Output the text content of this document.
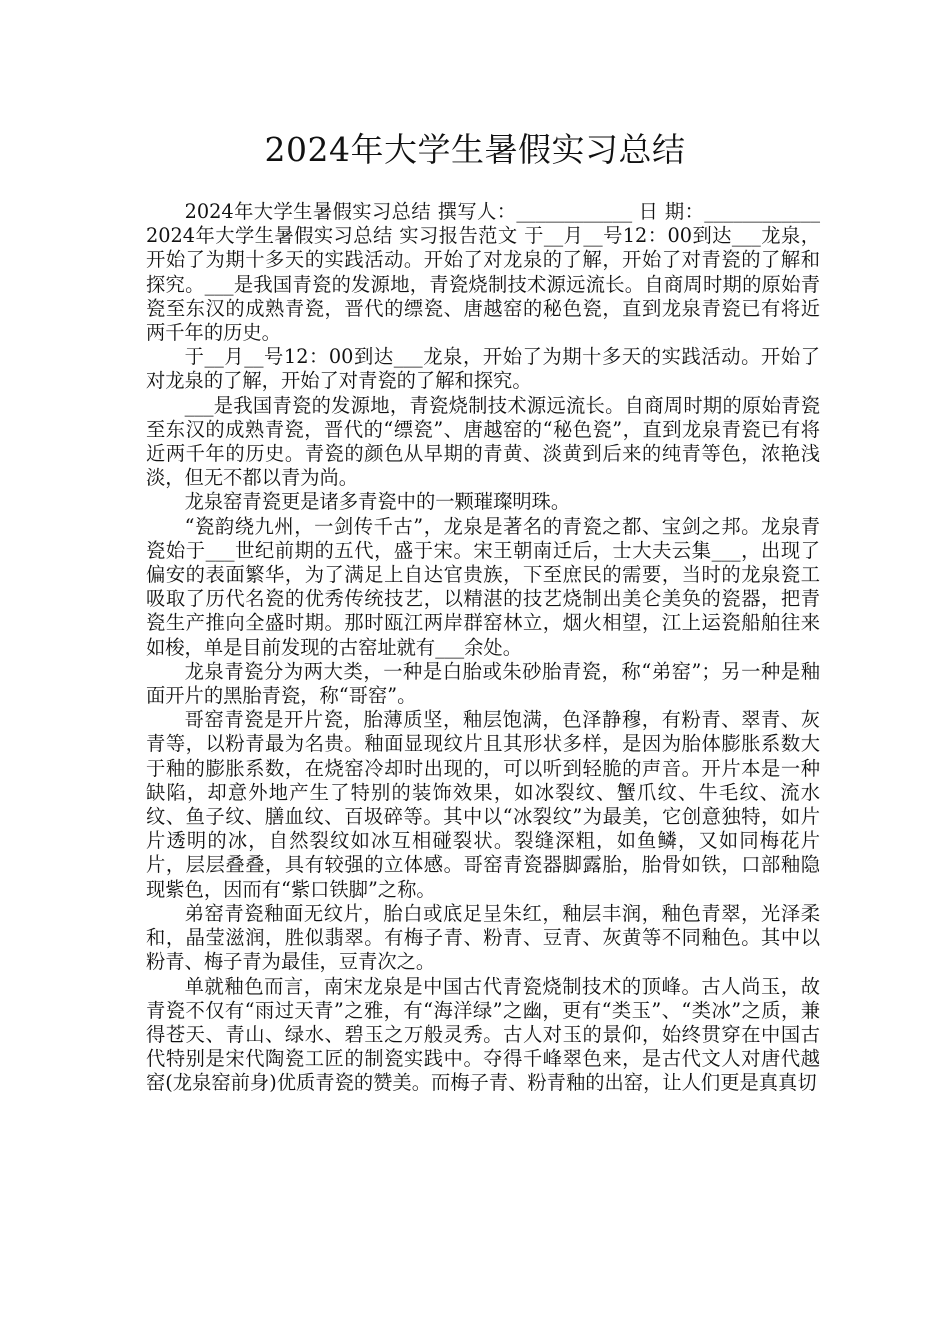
2024年大学生暑假实习总结

2024年大学生暑假实习总结 撰写人：____________ 日 期：____________ 2024年大学生暑假实习总结 实习报告范文 于__月__号12：00到达___龙泉，开始了为期十多天的实践活动。开始了对龙泉的了解，开始了对青瓷的了解和探究。___是我国青瓷的发源地，青瓷烧制技术源远流长。自商周时期的原始青瓷至东汉的成熟青瓷，晋代的缥瓷、唐越窑的秘色瓷，直到龙泉青瓷已有将近两千年的历史。

于__月__号12：00到达___龙泉，开始了为期十多天的实践活动。开始了对龙泉的了解，开始了对青瓷的了解和探究。

___是我国青瓷的发源地，青瓷烧制技术源远流长。自商周时期的原始青瓷至东汉的成熟青瓷，晋代的“缥瓷”、唐越窑的“秘色瓷”，直到龙泉青瓷已有将近两千年的历史。青瓷的颜色从早期的青黄、淡黄到后来的纯青等色，浓艳浅淡，但无不都以青为尚。

龙泉窑青瓷更是诸多青瓷中的一颗璀璨明珠。

“瓷韵绕九州，一剑传千古”，龙泉是著名的青瓷之都、宝剑之邦。龙泉青瓷始于___世纪前期的五代，盛于宋。宋王朝南迁后，士大夫云集___，出现了偏安的表面繁华，为了满足上自达官贵族，下至庶民的需要，当时的龙泉瓷工吸取了历代名瓷的优秀传统技艺，以精湛的技艺烧制出美仑美奂的瓷器，把青瓷生产推向全盛时期。那时瓯江两岸群窑林立，烟火相望，江上运瓷船舶往来如梭，单是目前发现的古窑址就有___余处。

龙泉青瓷分为两大类，一种是白胎或朱砂胎青瓷，称“弟窑”；另一种是釉面开片的黑胎青瓷，称“哥窑”。

哥窑青瓷是开片瓷，胎薄质坚，釉层饱满，色泽静穆，有粉青、翠青、灰青等，以粉青最为名贵。釉面显现纹片且其形状多样，是因为胎体膨胀系数大于釉的膨胀系数，在烧窑冷却时出现的，可以听到轻脆的声音。开片本是一种缺陷，却意外地产生了特别的装饰效果，如冰裂纹、蟹爪纹、牛毛纹、流水纹、鱼子纹、膳血纹、百圾碎等。其中以“冰裂纹”为最美，它创意独特，如片片透明的冰，自然裂纹如冰互相碰裂状。裂缝深粗，如鱼鳞，又如同梅花片片，层层叠叠，具有较强的立体感。哥窑青瓷器脚露胎，胎骨如铁，口部釉隐现紫色，因而有“紫口铁脚”之称。

弟窑青瓷釉面无纹片，胎白或底足呈朱红，釉层丰润，釉色青翠，光泽柔和，晶莹滋润，胜似翡翠。有梅子青、粉青、豆青、灰黄等不同釉色。其中以粉青、梅子青为最佳，豆青次之。

单就釉色而言，南宋龙泉是中国古代青瓷烧制技术的顶峰。古人尚玉，故青瓷不仅有“雨过天青”之雅，有“海洋绿”之幽，更有“类玉”、“类冰”之质，兼得苍天、青山、绿水、碧玉之万般灵秀。古人对玉的景仰，始终贯穿在中国古代特别是宋代陶瓷工匠的制瓷实践中。夺得千峰翠色来，是古代文人对唐代越窑(龙泉窑前身)优质青瓷的赞美。而梅子青、粉青釉的出窑，让人们更是真真切
